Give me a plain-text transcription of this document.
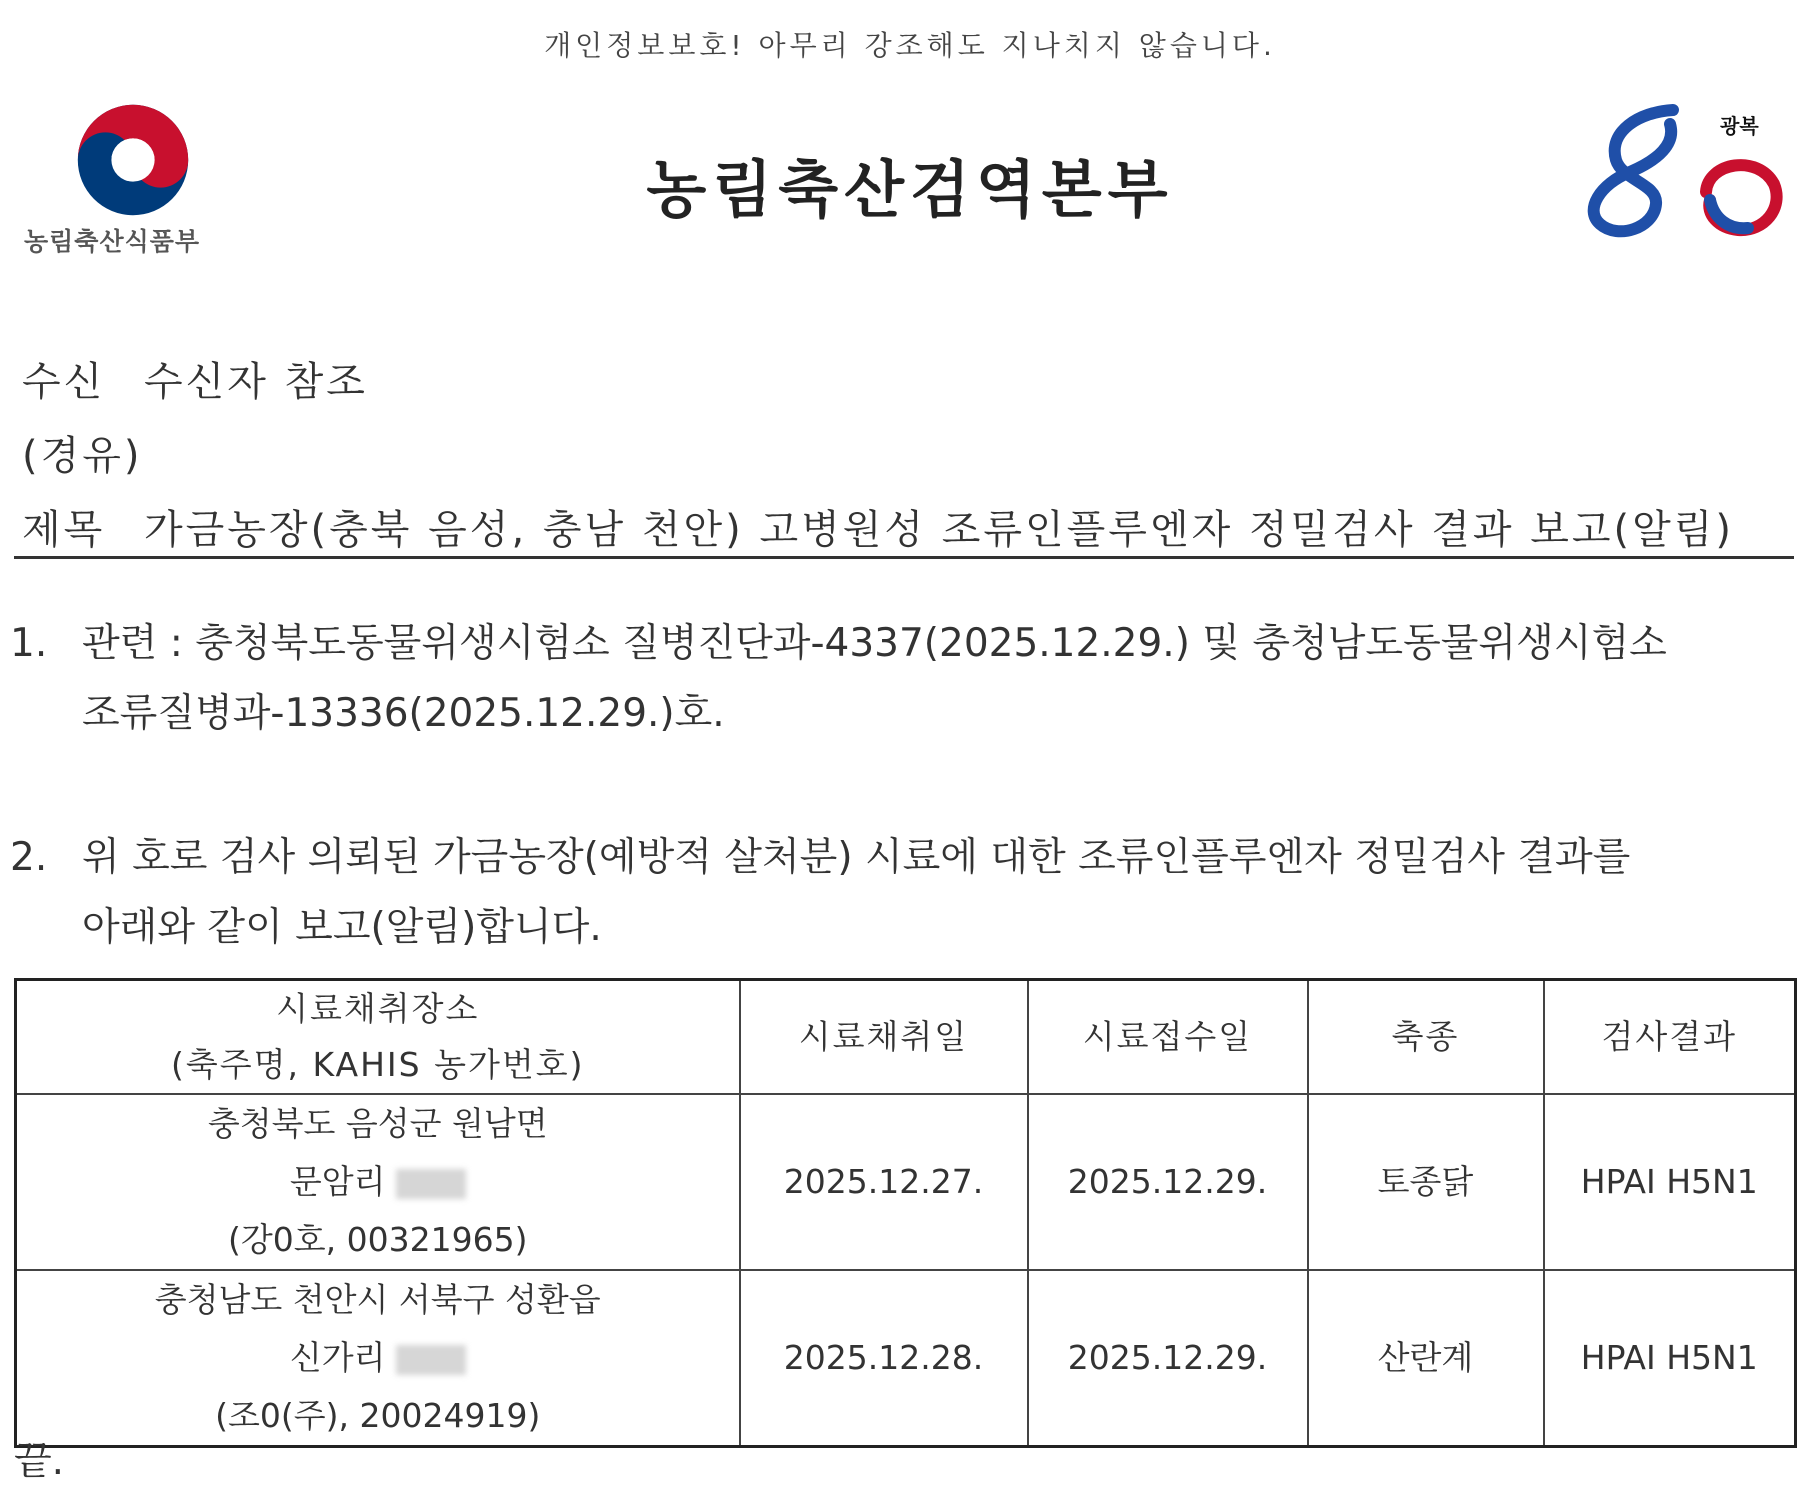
개인정보보호! 아무리 강조해도 지나치지 않습니다.
농림축산식품부
농림축산검역본부
광복
수신 수신자 참조
(경유)
제목 가금농장(충북 음성, 충남 천안) 고병원성 조류인플루엔자 정밀검사 결과 보고(알림)
1. 관련 : 충청북도동물위생시험소 질병진단과-4337(2025.12.29.) 및 충청남도동물위생시험소
조류질병과-13336(2025.12.29.)호.
2. 위 호로 검사 의뢰된 가금농장(예방적 살처분) 시료에 대한 조류인플루엔자 정밀검사 결과를
아래와 같이 보고(알림)합니다.
시료채취장소
(축주명, KAHIS 농가번호)	시료채취일	시료접수일	축종	검사결과

충청북도 음성군 원남면
문암리
(강0호, 00321965)	2025.12.27.	2025.12.29.	토종닭	HPAI H5N1

충청남도 천안시 서북구 성환읍
신가리
(조0(주), 20024919)	2025.12.28.	2025.12.29.	산란계	HPAI H5N1
끝.
